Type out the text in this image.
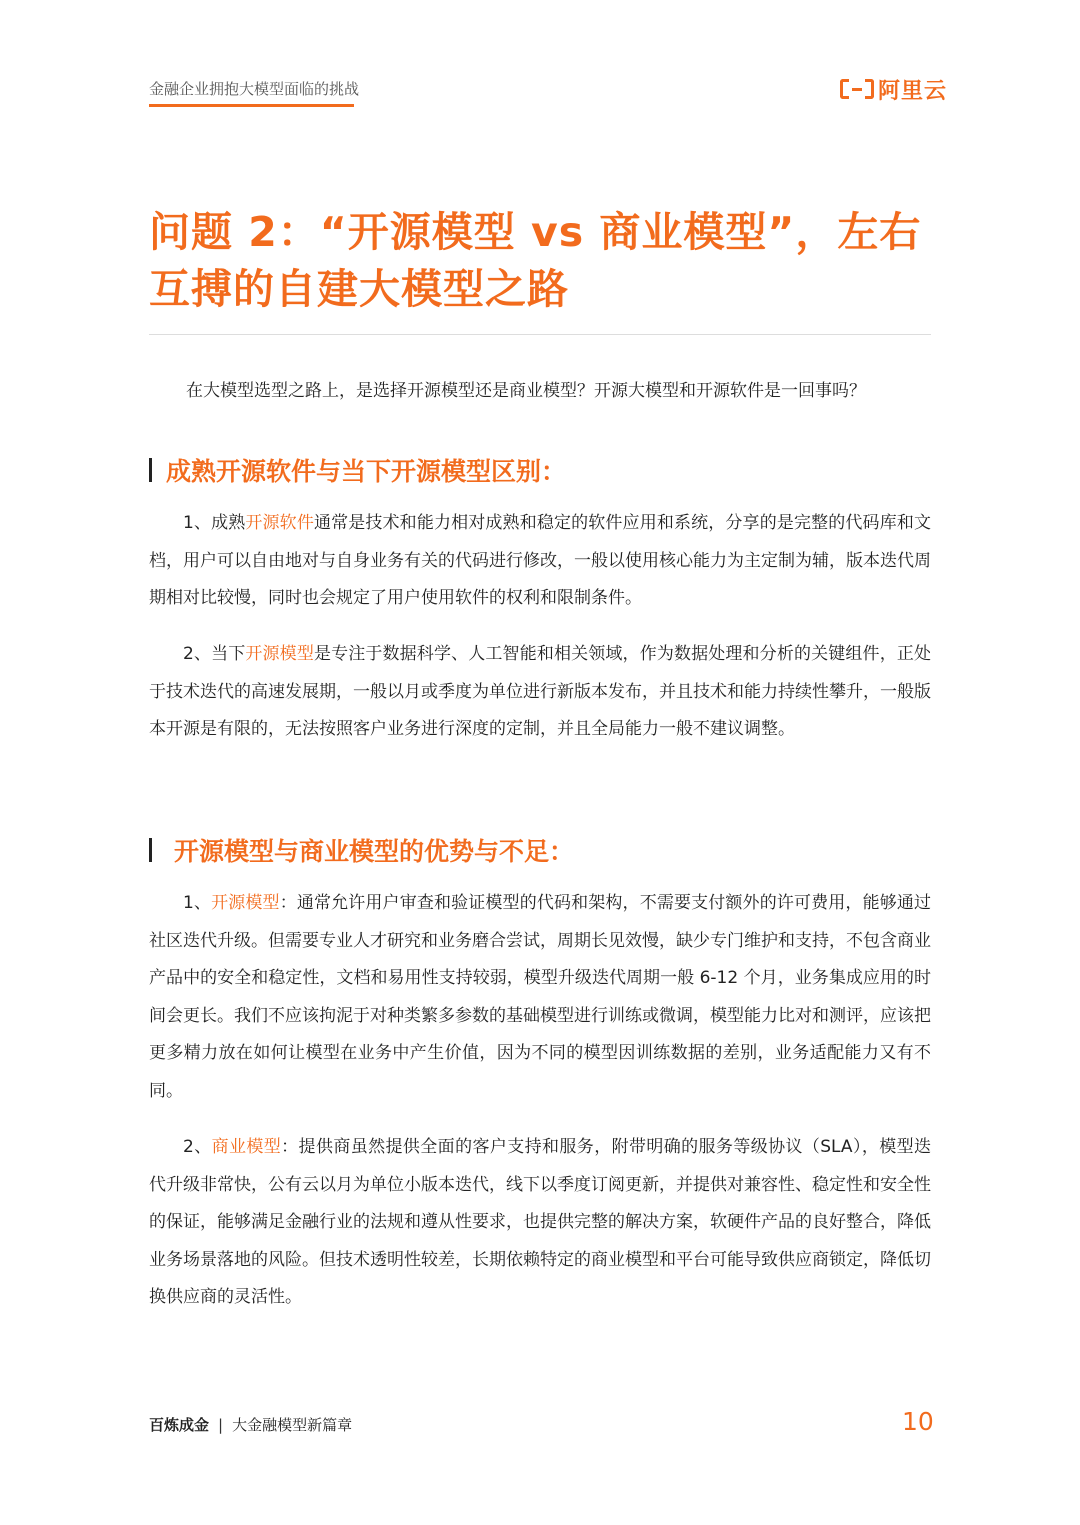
金融企业拥抱大模型面临的挑战	阿里云
问题 2：“开源模型 vs 商业模型”，左右
互搏的自建大模型之路

在大模型选型之路上，是选择开源模型还是商业模型？开源大模型和开源软件是一回事吗？

成熟开源软件与当下开源模型区别：

1、成熟开源软件通常是技术和能力相对成熟和稳定的软件应用和系统，分享的是完整的代码库和文档，用户可以自由地对与自身业务有关的代码进行修改，一般以使用核心能力为主定制为辅，版本迭代周期相对比较慢，同时也会规定了用户使用软件的权利和限制条件。

2、当下开源模型是专注于数据科学、人工智能和相关领域，作为数据处理和分析的关键组件，正处于技术迭代的高速发展期，一般以月或季度为单位进行新版本发布，并且技术和能力持续性攀升，一般版本开源是有限的，无法按照客户业务进行深度的定制，并且全局能力一般不建议调整。

开源模型与商业模型的优势与不足：

1、开源模型：通常允许用户审查和验证模型的代码和架构，不需要支付额外的许可费用，能够通过社区迭代升级。但需要专业人才研究和业务磨合尝试，周期长见效慢，缺少专门维护和支持，不包含商业产品中的安全和稳定性，文档和易用性支持较弱，模型升级迭代周期一般 6-12 个月，业务集成应用的时间会更长。我们不应该拘泥于对种类繁多参数的基础模型进行训练或微调，模型能力比对和测评，应该把更多精力放在如何让模型在业务中产生价值，因为不同的模型因训练数据的差别，业务适配能力又有不同。

2、商业模型：提供商虽然提供全面的客户支持和服务，附带明确的服务等级协议（SLA），模型迭代升级非常快，公有云以月为单位小版本迭代，线下以季度订阅更新，并提供对兼容性、稳定性和安全性的保证，能够满足金融行业的法规和遵从性要求，也提供完整的解决方案，软硬件产品的良好整合，降低业务场景落地的风险。但技术透明性较差，长期依赖特定的商业模型和平台可能导致供应商锁定，降低切换供应商的灵活性。

百炼成金 | 大金融模型新篇章	10
